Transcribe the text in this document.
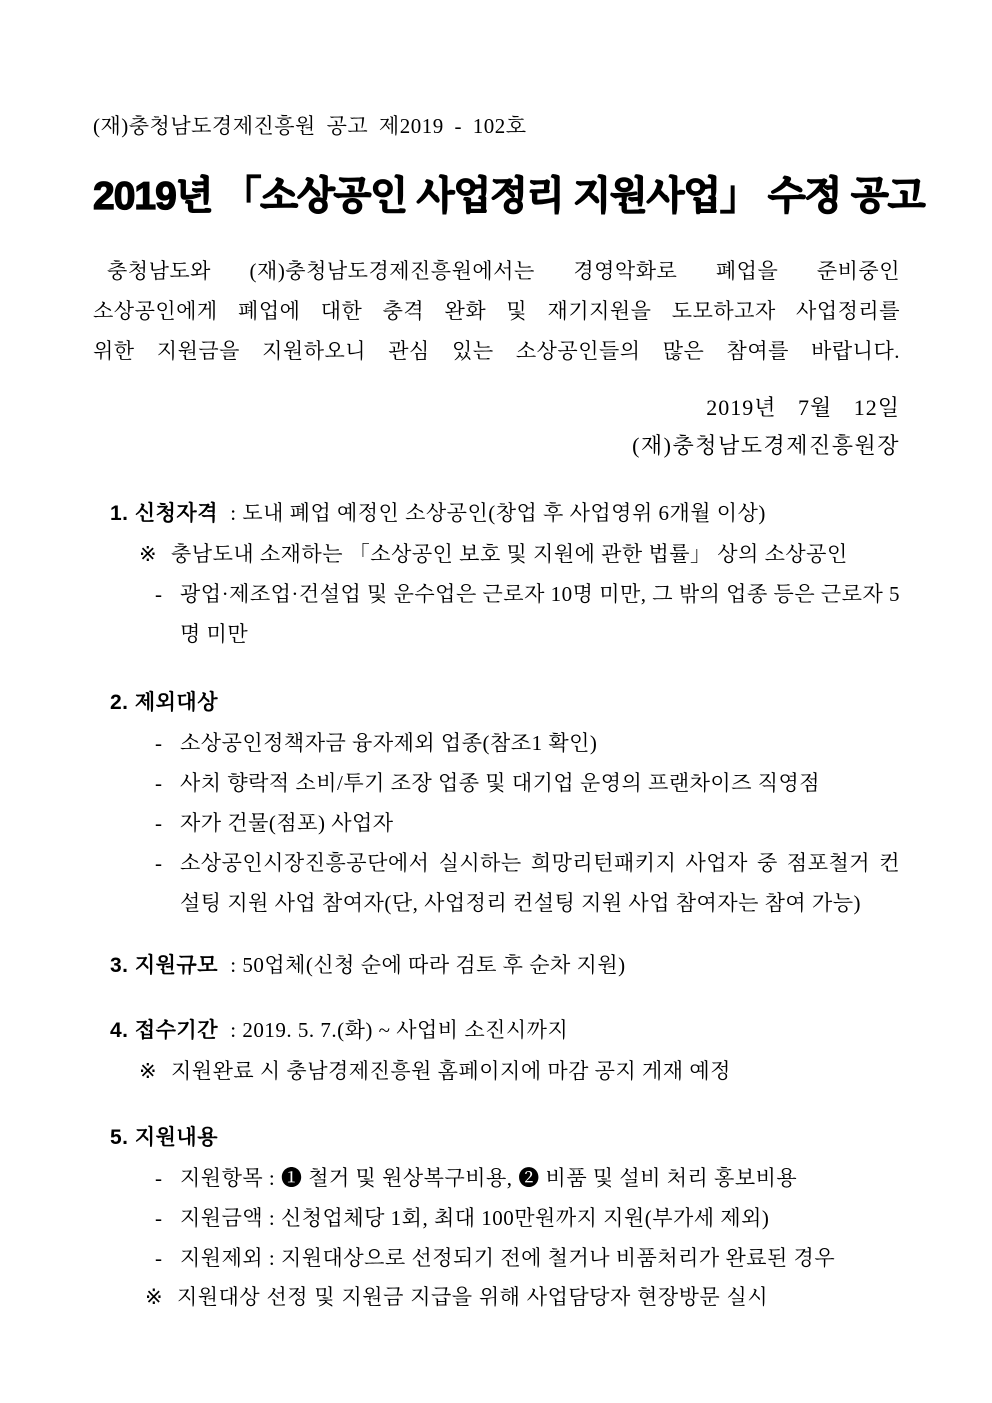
(재)충청남도경제진흥원 공고 제2019 - 102호
2019년 「소상공인 사업정리 지원사업」 수정 공고
충청남도와 (재)충청남도경제진흥원에서는 경영악화로 폐업을 준비중인
소상공인에게 폐업에 대한 충격 완화 및 재기지원을 도모하고자 사업정리를
위한 지원금을 지원하오니 관심 있는 소상공인들의 많은 참여를 바랍니다.
2019년 7월 12일
(재)충청남도경제진흥원장
1. 신청자격 : 도내 폐업 예정인 소상공인(창업 후 사업영위 6개월 이상)
※ 충남도내 소재하는 「소상공인 보호 및 지원에 관한 법률」 상의 소상공인
- 광업·제조업·건설업 및 운수업은 근로자 10명 미만, 그 밖의 업종 등은 근로자 5명 미만
2. 제외대상
- 소상공인정책자금 융자제외 업종(참조1 확인)
- 사치 향락적 소비/투기 조장 업종 및 대기업 운영의 프랜차이즈 직영점
- 자가 건물(점포) 사업자
- 소상공인시장진흥공단에서 실시하는 희망리턴패키지 사업자 중 점포철거 컨설팅 지원 사업 참여자(단, 사업정리 컨설팅 지원 사업 참여자는 참여 가능)
3. 지원규모 : 50업체(신청 순에 따라 검토 후 순차 지원)
4. 접수기간 : 2019. 5. 7.(화) ~ 사업비 소진시까지
※ 지원완료 시 충남경제진흥원 홈페이지에 마감 공지 게재 예정
5. 지원내용
- 지원항목 : ❶ 철거 및 원상복구비용, ❷ 비품 및 설비 처리 홍보비용
- 지원금액 : 신청업체당 1회, 최대 100만원까지 지원(부가세 제외)
- 지원제외 : 지원대상으로 선정되기 전에 철거나 비품처리가 완료된 경우
※ 지원대상 선정 및 지원금 지급을 위해 사업담당자 현장방문 실시
